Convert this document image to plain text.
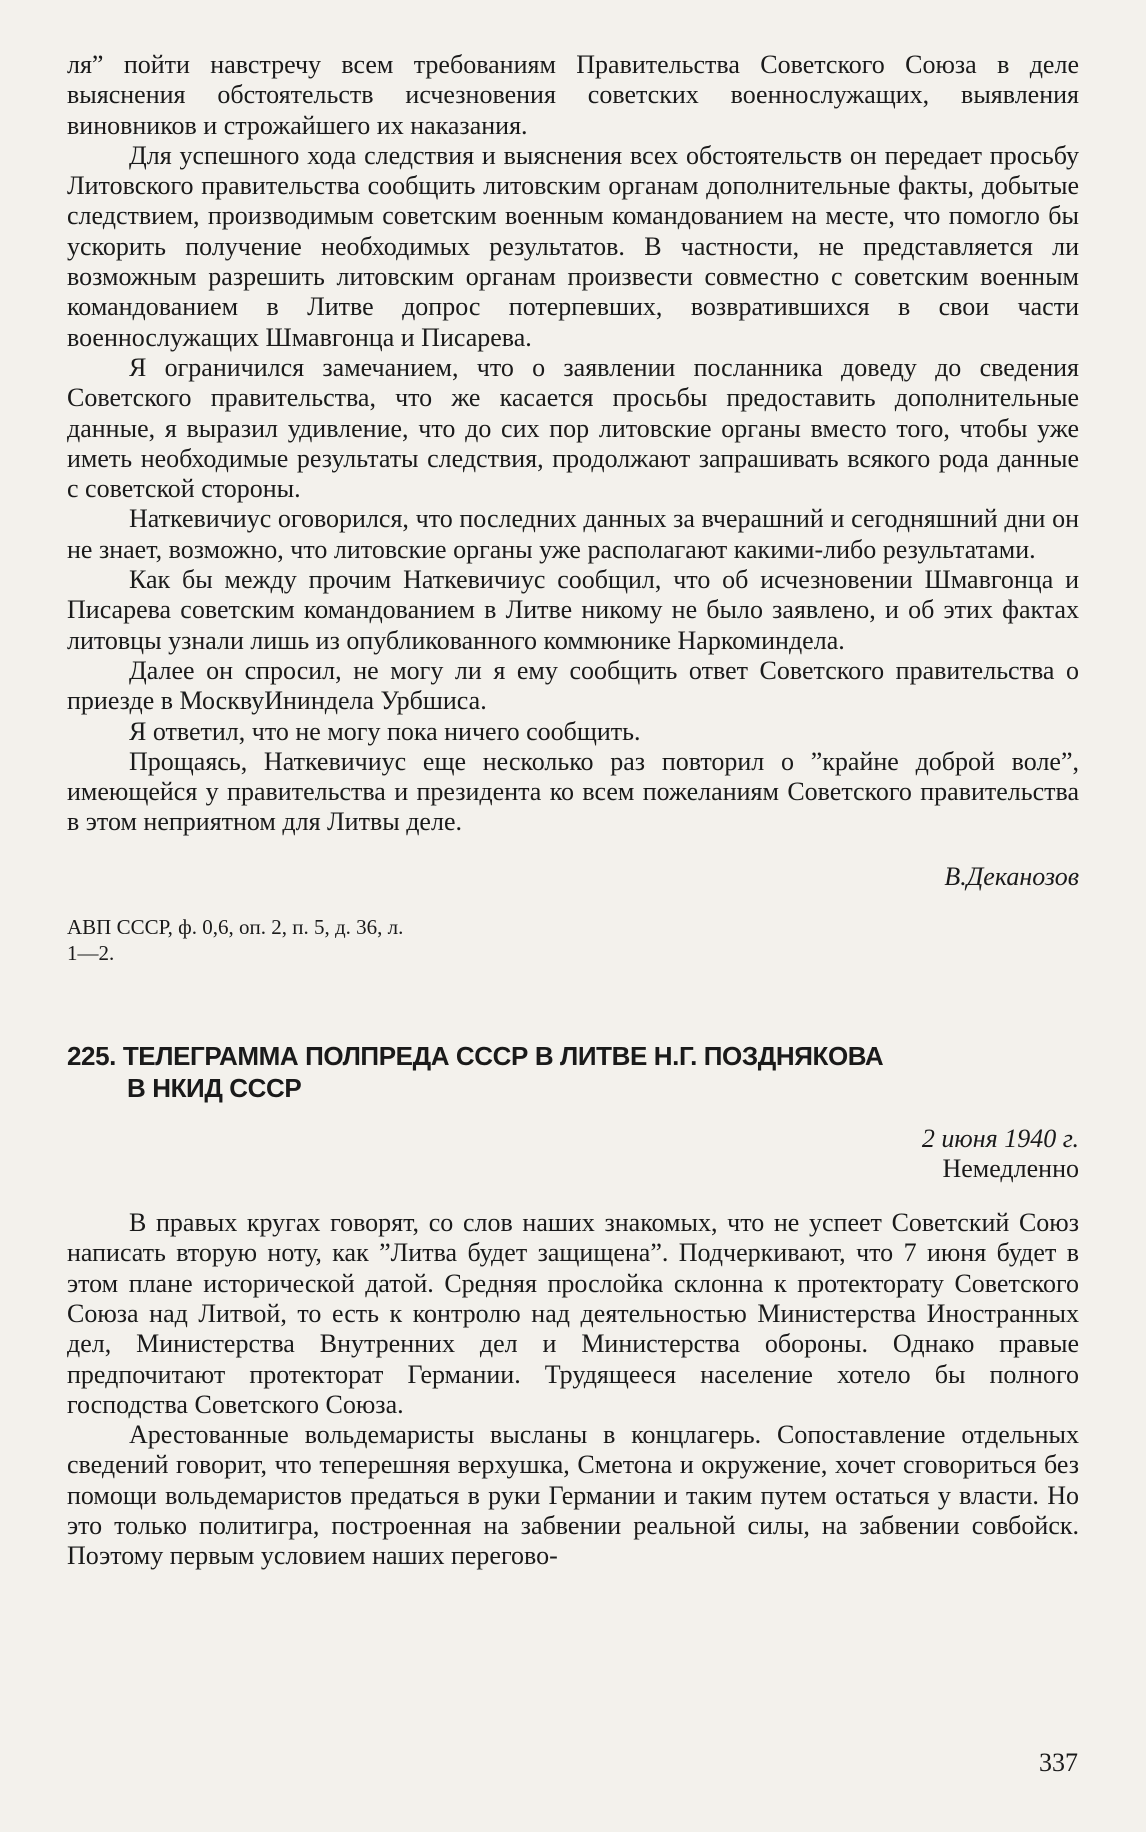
ля” пойти навстречу всем требованиям Правительства Советского Союза в деле выяснения обстоятельств исчезновения советских военнослужащих, выявления виновников и строжайшего их наказания.

Для успешного хода следствия и выяснения всех обстоятельств он передает просьбу Литовского правительства сообщить литовским органам дополнительные факты, добытые следствием, производимым советским военным командованием на месте, что помогло бы ускорить получение необходимых результатов. В частности, не представляется ли возможным разрешить литовским органам произвести совместно с советским военным командованием в Литве допрос потерпевших, возвратившихся в свои части военнослужащих Шмавгонца и Писарева.

Я ограничился замечанием, что о заявлении посланника доведу до сведения Советского правительства, что же касается просьбы предоставить дополнительные данные, я выразил удивление, что до сих пор литовские органы вместо того, чтобы уже иметь необходимые результаты следствия, продолжают запрашивать всякого рода данные с советской стороны.

Наткевичиус оговорился, что последних данных за вчерашний и сегодняшний дни он не знает, возможно, что литовские органы уже располагают какими-либо результатами.

Как бы между прочим Наткевичиус сообщил, что об исчезновении Шмавгонца и Писарева советским командованием в Литве никому не было заявлено, и об этих фактах литовцы узнали лишь из опубликованного коммюнике Наркоминдела.

Далее он спросил, не могу ли я ему сообщить ответ Советского правительства о приезде в МосквуИниндела Урбшиса.

Я ответил, что не могу пока ничего сообщить.

Прощаясь, Наткевичиус еще несколько раз повторил о ”крайне доброй воле”, имеющейся у правительства и президента ко всем пожеланиям Советского правительства в этом неприятном для Литвы деле.

В.Деканозов
АВП СССР, ф. 0,6, оп. 2, п. 5, д. 36, л. 1—2.
225. ТЕЛЕГРАММА ПОЛПРЕДА СССР В ЛИТВЕ Н.Г. ПОЗДНЯКОВА
В НКИД СССР
2 июня 1940 г.
Немедленно

В правых кругах говорят, со слов наших знакомых, что не успеет Советский Союз написать вторую ноту, как ”Литва будет защищена”. Подчеркивают, что 7 июня будет в этом плане исторической датой. Средняя прослойка склонна к протекторату Советского Союза над Литвой, то есть к контролю над деятельностью Министерства Иностранных дел, Министерства Внутренних дел и Министерства обороны. Однако правые предпочитают протекторат Германии. Трудящееся население хотело бы полного господства Советского Союза.

Арестованные вольдемаристы высланы в концлагерь. Сопоставление отдельных сведений говорит, что теперешняя верхушка, Сметона и окружение, хочет сговориться без помощи вольдемаристов предаться в руки Германии и таким путем остаться у власти. Но это только политигра, построенная на забвении реальной силы, на забвении совбойск. Поэтому первым условием наших перегово-

337
